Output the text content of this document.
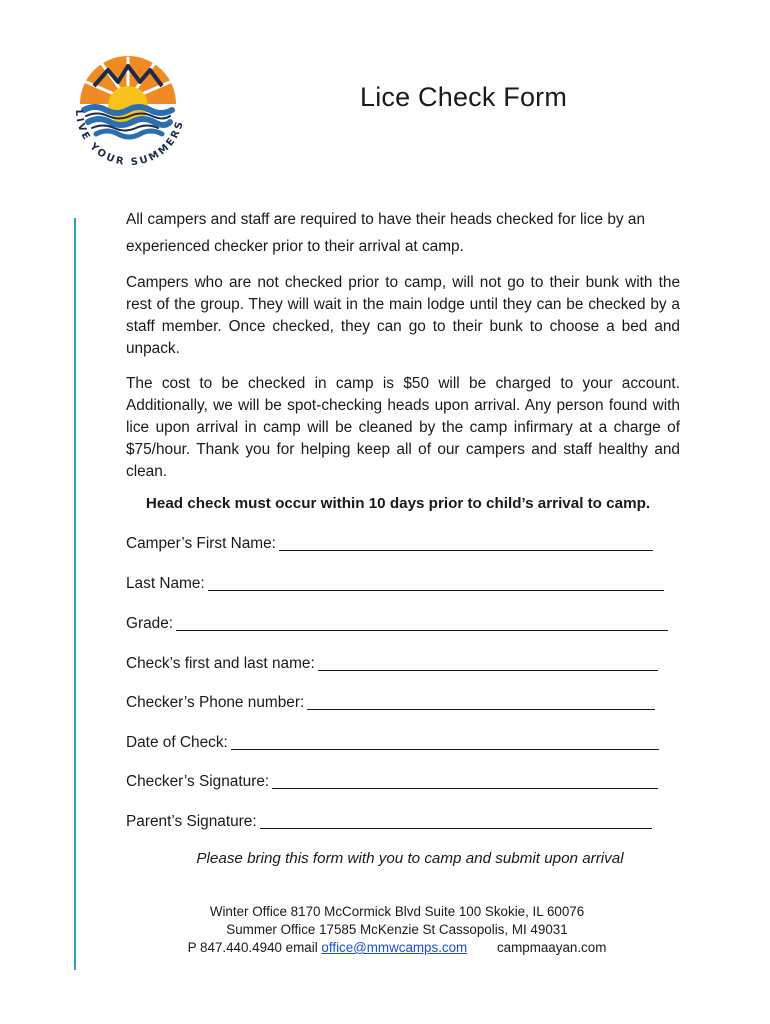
LIVE YOUR SUMMERS
Lice Check Form

All campers and staff are required to have their heads checked for lice by an experienced checker prior to their arrival at camp.

Campers who are not checked prior to camp, will not go to their bunk with the rest of the group. They will wait in the main lodge until they can be checked by a staff member. Once checked, they can go to their bunk to choose a bed and unpack.

The cost to be checked in camp is $50 will be charged to your account. Additionally, we will be spot-checking heads upon arrival. Any person found with lice upon arrival in camp will be cleaned by the camp infirmary at a charge of $75/hour. Thank you for helping keep all of our campers and staff healthy and clean.

Head check must occur within 10 days prior to child’s arrival to camp.

Camper’s First Name:
Last Name:
Grade:
Check’s first and last name:
Checker’s Phone number:
Date of Check:
Checker’s Signature:
Parent’s Signature:

Please bring this form with you to camp and submit upon arrival

Winter Office 8170 McCormick Blvd Suite 100 Skokie, IL 60076
Summer Office 17585 McKenzie St Cassopolis, MI 49031
P 847.440.4940 email office@mmwcamps.com campmaayan.com
